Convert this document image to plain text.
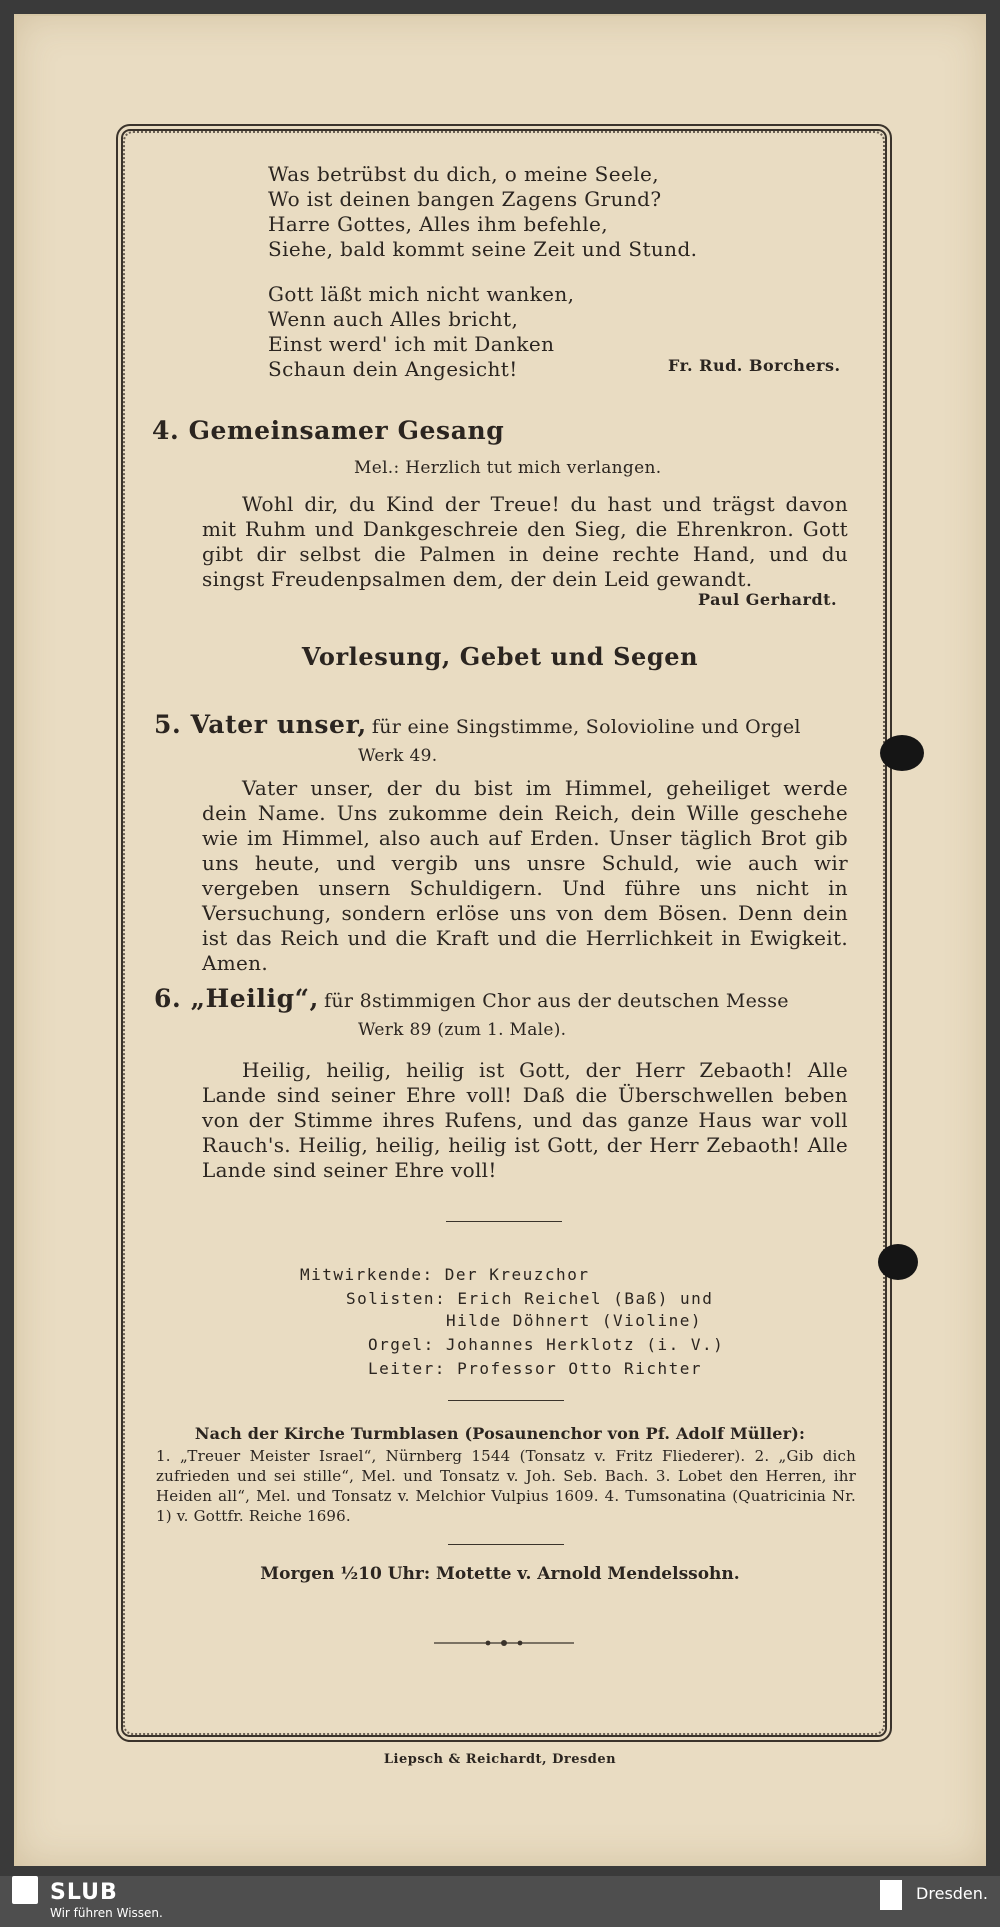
Was betrübst du dich, o meine Seele,
Wo ist deinen bangen Zagens Grund?
Harre Gottes, Alles ihm befehle,
Siehe, bald kommt seine Zeit und Stund.
Gott läßt mich nicht wanken,
Wenn auch Alles bricht,
Einst werd' ich mit Danken
Schaun dein Angesicht!	Fr. Rud. Borchers.
4. Gemeinsamer Gesang
Mel.: Herzlich tut mich verlangen.
Wohl dir, du Kind der Treue! du hast und trägst davon mit Ruhm und Dankgeschreie den Sieg, die Ehrenkron. Gott gibt dir selbst die Palmen in deine rechte Hand, und du singst Freudenpsalmen dem, der dein Leid gewandt.
Paul Gerhardt.
Vorlesung, Gebet und Segen
5. Vater unser, für eine Singstimme, Solovioline und Orgel
Werk 49.
Vater unser, der du bist im Himmel, geheiliget werde dein Name. Uns zukomme dein Reich, dein Wille geschehe wie im Himmel, also auch auf Erden. Unser täglich Brot gib uns heute, und vergib uns unsre Schuld, wie auch wir vergeben unsern Schuldigern. Und führe uns nicht in Versuchung, sondern erlöse uns von dem Bösen. Denn dein ist das Reich und die Kraft und die Herrlichkeit in Ewigkeit. Amen.
6. „Heilig“, für 8stimmigen Chor aus der deutschen Messe
Werk 89 (zum 1. Male).
Heilig, heilig, heilig ist Gott, der Herr Zebaoth! Alle Lande sind seiner Ehre voll! Daß die Überschwellen beben von der Stimme ihres Rufens, und das ganze Haus war voll Rauch's. Heilig, heilig, heilig ist Gott, der Herr Zebaoth! Alle Lande sind seiner Ehre voll!
Mitwirkende: Der Kreuzchor
Solisten: Erich Reichel (Baß) und
Hilde Döhnert (Violine)
Orgel: Johannes Herklotz (i. V.)
Leiter: Professor Otto Richter
Nach der Kirche Turmblasen (Posaunenchor von Pf. Adolf Müller):
1. „Treuer Meister Israel“, Nürnberg 1544 (Tonsatz v. Fritz Fliederer). 2. „Gib dich zufrieden und sei stille“, Mel. und Tonsatz v. Joh. Seb. Bach. 3. Lobet den Herren, ihr Heiden all“, Mel. und Tonsatz v. Melchior Vulpius 1609. 4. Tumsonatina (Quatricinia Nr. 1) v. Gottfr. Reiche 1696.
Morgen ½10 Uhr: Motette v. Arnold Mendelssohn.
Liepsch & Reichardt, Dresden
SLUB
Wir führen Wissen.
Dresden.
